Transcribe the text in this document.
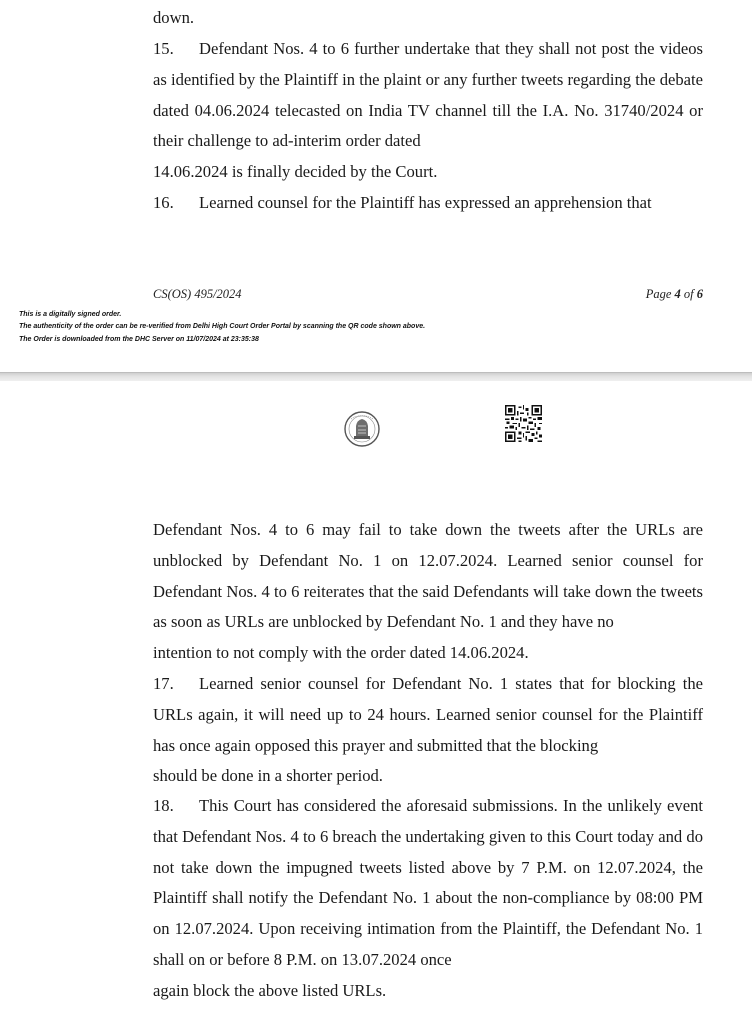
down.
15. Defendant Nos. 4 to 6 further undertake that they shall not post the videos as identified by the Plaintiff in the plaint or any further tweets regarding the debate dated 04.06.2024 telecasted on India TV channel till the I.A. No. 31740/2024 or their challenge to ad-interim order dated
14.06.2024 is finally decided by the Court.
16. Learned counsel for the Plaintiff has expressed an apprehension that
CS(OS) 495/2024	Page 4 of 6
This is a digitally signed order.
The authenticity of the order can be re-verified from Delhi High Court Order Portal by scanning the QR code shown above.
The Order is downloaded from the DHC Server on 11/07/2024 at 23:35:38
Defendant Nos. 4 to 6 may fail to take down the tweets after the URLs are unblocked by Defendant No. 1 on 12.07.2024. Learned senior counsel for Defendant Nos. 4 to 6 reiterates that the said Defendants will take down the tweets as soon as URLs are unblocked by Defendant No. 1 and they have no
intention to not comply with the order dated 14.06.2024.
17. Learned senior counsel for Defendant No. 1 states that for blocking the URLs again, it will need up to 24 hours. Learned senior counsel for the Plaintiff has once again opposed this prayer and submitted that the blocking
should be done in a shorter period.
18. This Court has considered the aforesaid submissions. In the unlikely event that Defendant Nos. 4 to 6 breach the undertaking given to this Court today and do not take down the impugned tweets listed above by 7 P.M. on 12.07.2024, the Plaintiff shall notify the Defendant No. 1 about the non-compliance by 08:00 PM on 12.07.2024. Upon receiving intimation from the Plaintiff, the Defendant No. 1 shall on or before 8 P.M. on 13.07.2024 once
again block the above listed URLs.
